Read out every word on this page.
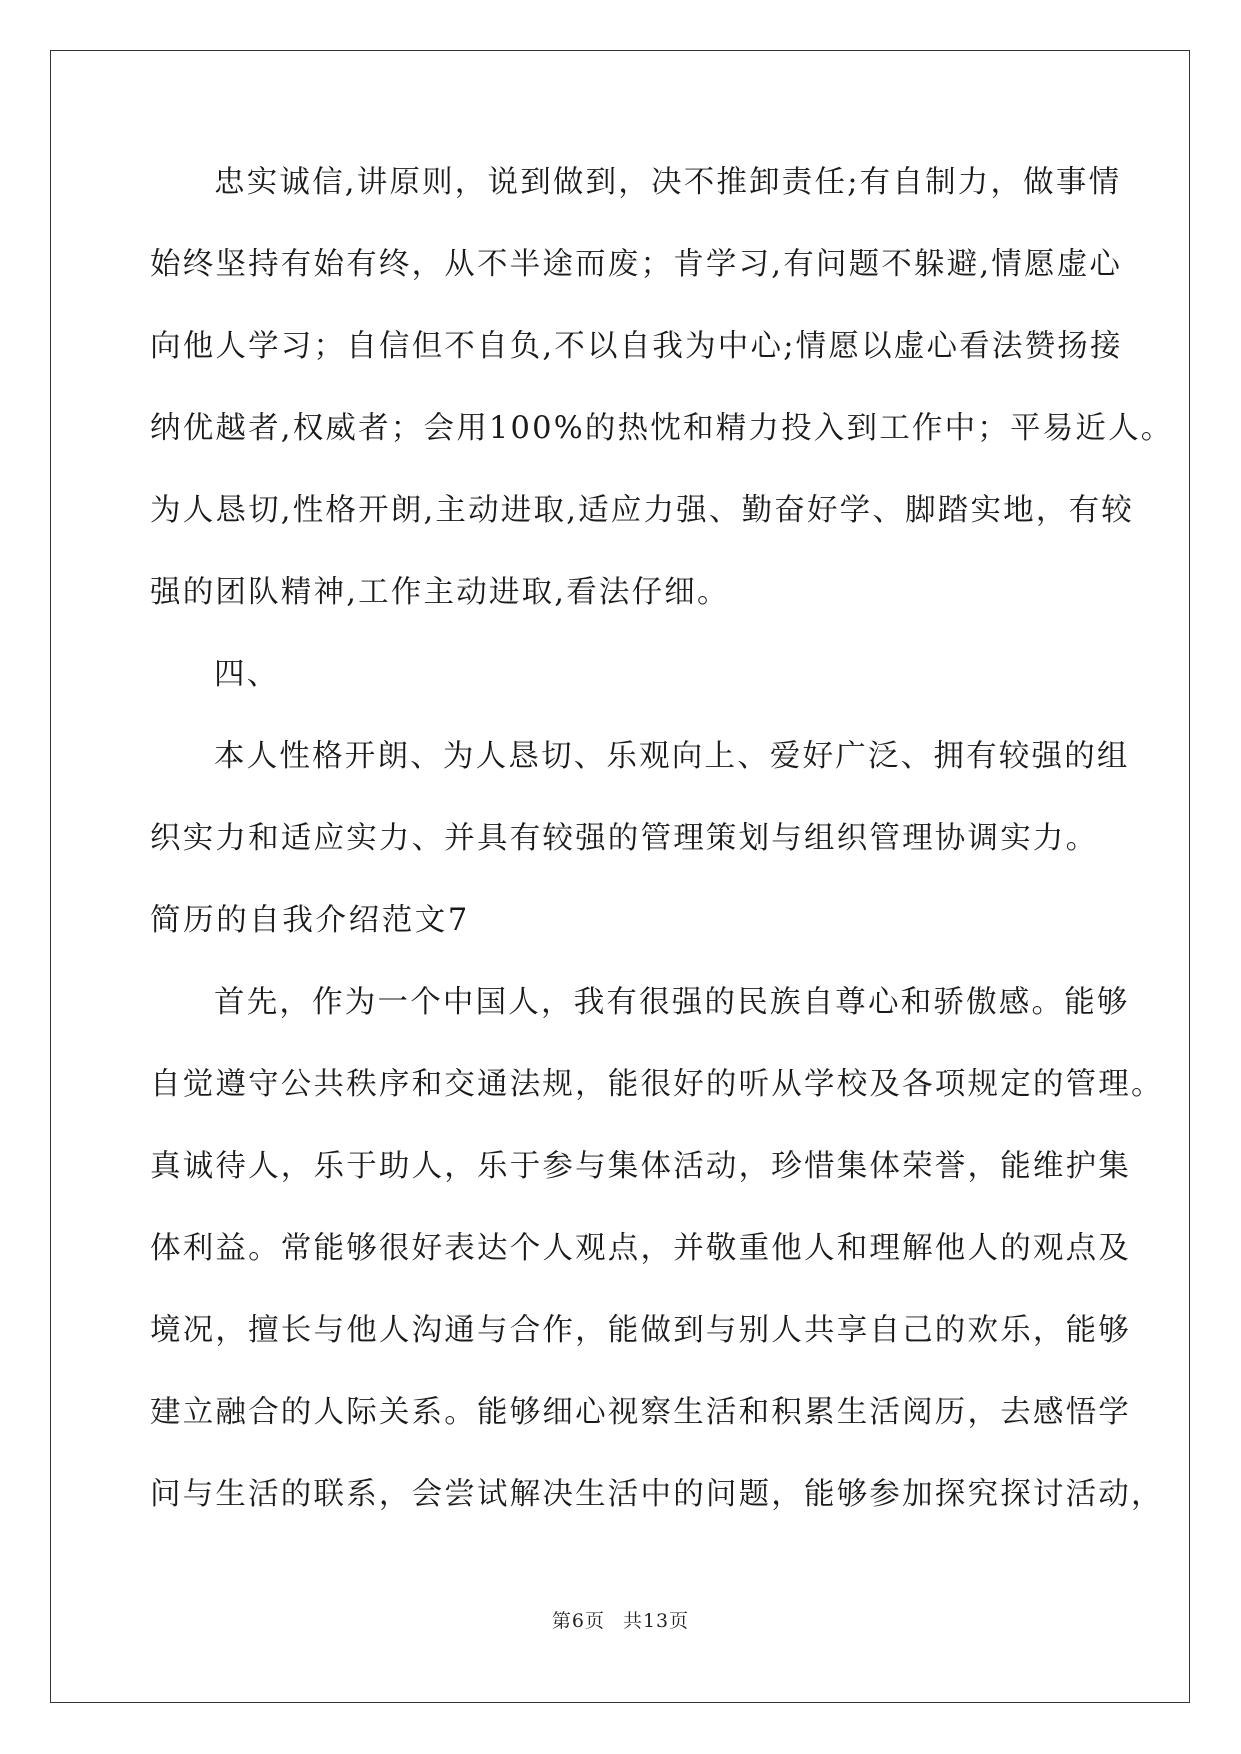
忠实诚信,讲原则，说到做到，决不推卸责任;有自制力，做事情
始终坚持有始有终，从不半途而废；肯学习,有问题不躲避,情愿虚心
向他人学习；自信但不自负,不以自我为中心;情愿以虚心看法赞扬接
纳优越者,权威者；会用100%的热忱和精力投入到工作中；平易近人。
为人恳切,性格开朗,主动进取,适应力强、勤奋好学、脚踏实地，有较
强的团队精神,工作主动进取,看法仔细。
四、
本人性格开朗、为人恳切、乐观向上、爱好广泛、拥有较强的组
织实力和适应实力、并具有较强的管理策划与组织管理协调实力。
简历的自我介绍范文7
首先，作为一个中国人，我有很强的民族自尊心和骄傲感。能够
自觉遵守公共秩序和交通法规，能很好的听从学校及各项规定的管理。
真诚待人，乐于助人，乐于参与集体活动，珍惜集体荣誉，能维护集
体利益。常能够很好表达个人观点，并敬重他人和理解他人的观点及
境况，擅长与他人沟通与合作，能做到与别人共享自己的欢乐，能够
建立融合的人际关系。能够细心视察生活和积累生活阅历，去感悟学
问与生活的联系，会尝试解决生活中的问题，能够参加探究探讨活动，
第6页 共13页
